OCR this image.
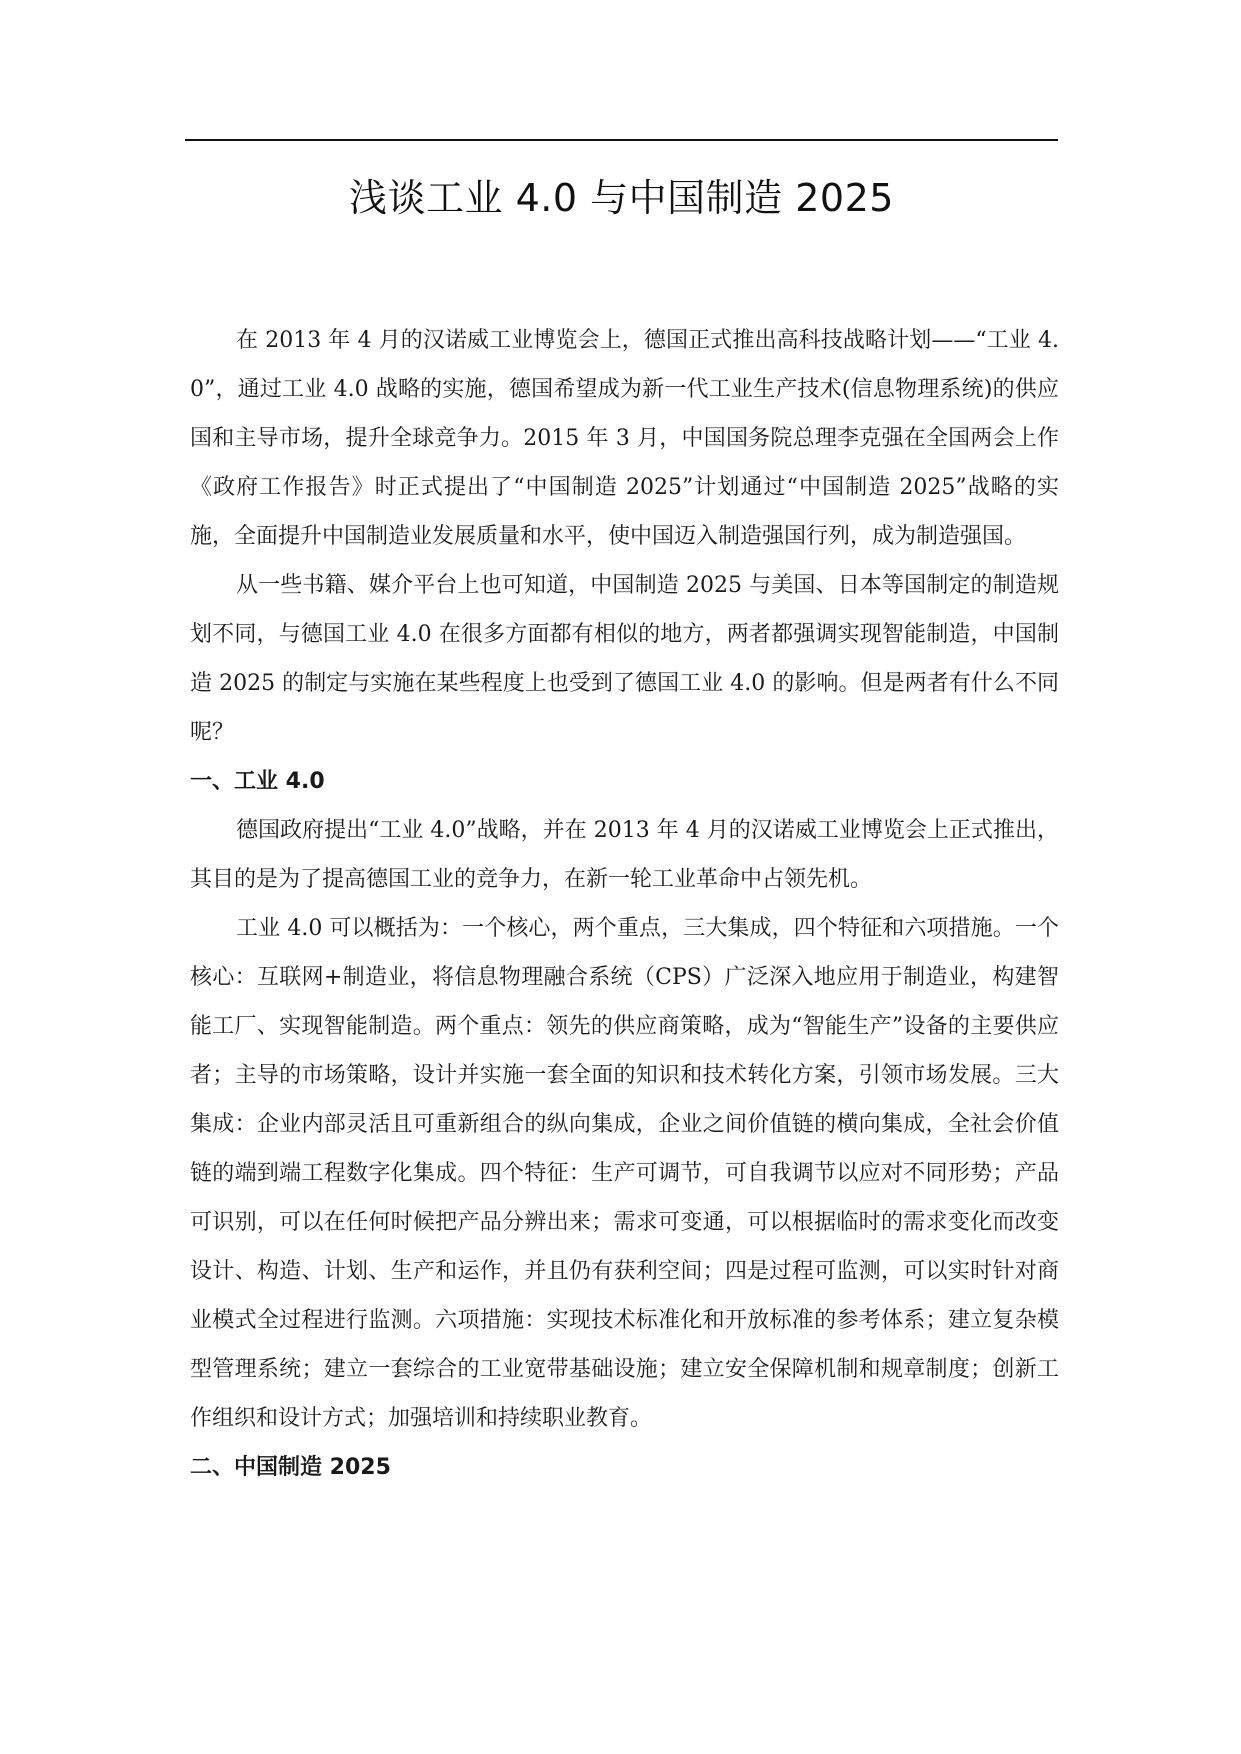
浅谈工业 4.0 与中国制造 2025

在 2013 年 4 月的汉诺威工业博览会上，德国正式推出高科技战略计划——“工业 4.0”，通过工业 4.0 战略的实施，德国希望成为新一代工业生产技术(信息物理系统)的供应国和主导市场，提升全球竞争力。2015 年 3 月，中国国务院总理李克强在全国两会上作《政府工作报告》时正式提出了“中国制造 2025”计划通过“中国制造 2025”战略的实施，全面提升中国制造业发展质量和水平，使中国迈入制造强国行列，成为制造强国。

从一些书籍、媒介平台上也可知道，中国制造 2025 与美国、日本等国制定的制造规划不同，与德国工业 4.0 在很多方面都有相似的地方，两者都强调实现智能制造，中国制造 2025 的制定与实施在某些程度上也受到了德国工业 4.0 的影响。但是两者有什么不同呢？

一、工业 4.0

德国政府提出“工业 4.0”战略，并在 2013 年 4 月的汉诺威工业博览会上正式推出，其目的是为了提高德国工业的竞争力，在新一轮工业革命中占领先机。

工业 4.0 可以概括为：一个核心，两个重点，三大集成，四个特征和六项措施。一个核心：互联网+制造业，将信息物理融合系统（CPS）广泛深入地应用于制造业，构建智能工厂、实现智能制造。两个重点：领先的供应商策略，成为“智能生产”设备的主要供应者；主导的市场策略，设计并实施一套全面的知识和技术转化方案，引领市场发展。三大集成：企业内部灵活且可重新组合的纵向集成，企业之间价值链的横向集成，全社会价值链的端到端工程数字化集成。四个特征：生产可调节，可自我调节以应对不同形势；产品可识别，可以在任何时候把产品分辨出来；需求可变通，可以根据临时的需求变化而改变设计、构造、计划、生产和运作，并且仍有获利空间；四是过程可监测，可以实时针对商业模式全过程进行监测。六项措施：实现技术标准化和开放标准的参考体系；建立复杂模型管理系统；建立一套综合的工业宽带基础设施；建立安全保障机制和规章制度；创新工作组织和设计方式；加强培训和持续职业教育。

二、中国制造 2025
